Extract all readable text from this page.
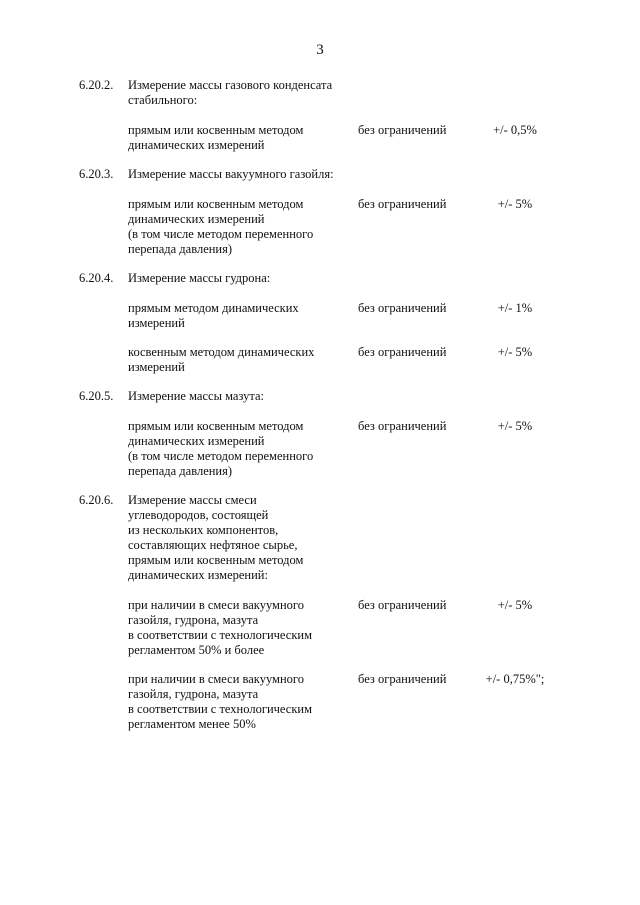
3
6.20.2. Измерение массы газового конденсата
стабильного:
прямым или косвенным методом
динамических измерений
без ограничений	+/- 0,5%
6.20.3. Измерение массы вакуумного газойля:
прямым или косвенным методом
динамических измерений
(в том числе методом переменного
перепада давления)
без ограничений	+/- 5%
6.20.4. Измерение массы гудрона:
прямым методом динамических
измерений
без ограничений	+/- 1%
косвенным методом динамических
измерений
без ограничений	+/- 5%
6.20.5. Измерение массы мазута:
прямым или косвенным методом
динамических измерений
(в том числе методом переменного
перепада давления)
без ограничений	+/- 5%
6.20.6. Измерение массы смеси
углеводородов, состоящей
из нескольких компонентов,
составляющих нефтяное сырье,
прямым или косвенным методом
динамических измерений:
при наличии в смеси вакуумного
газойля, гудрона, мазута
в соответствии с технологическим
регламентом 50% и более
без ограничений	+/- 5%
при наличии в смеси вакуумного
газойля, гудрона, мазута
в соответствии с технологическим
регламентом менее 50%
без ограничений	+/- 0,75%";
